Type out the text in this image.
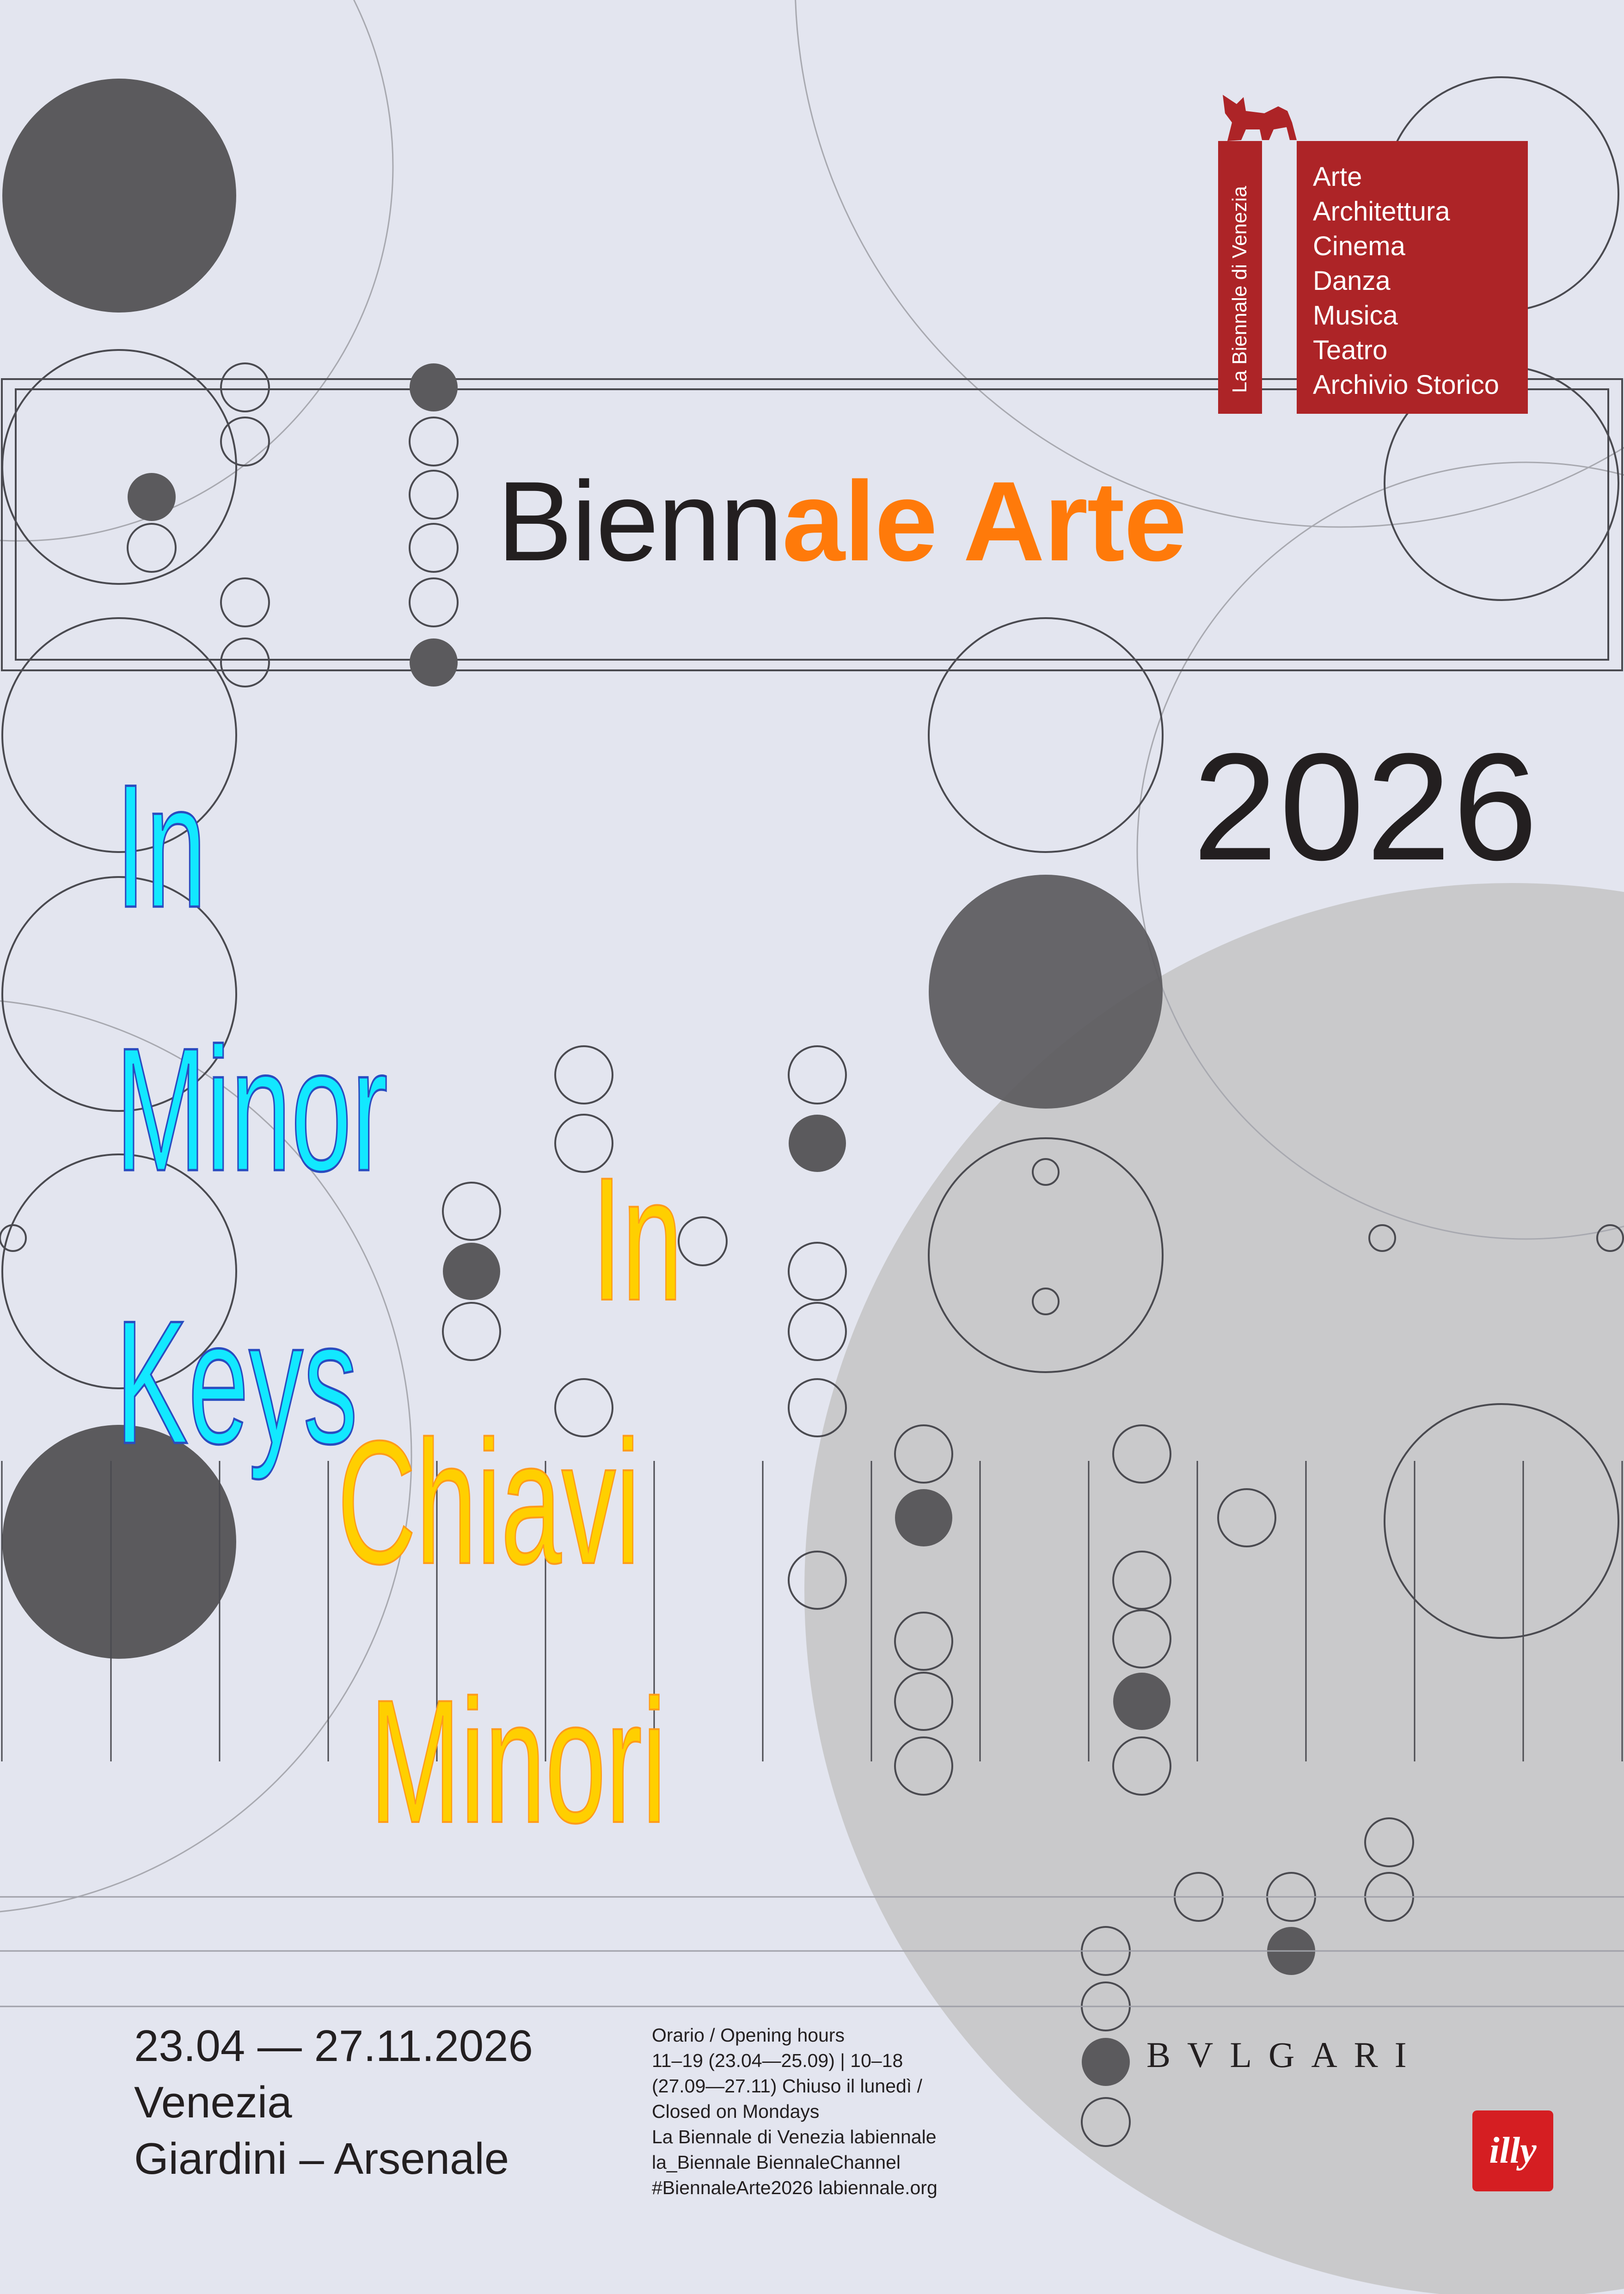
Biennale Arte
2026
In
Minor
Keys
In
Chiavi
Minori
La Biennale di Venezia
Arte
Architettura
Cinema
Danza
Musica
Teatro
Archivio Storico
23.04 — 27.11.2026
Venezia
Giardini – Arsenale
Orario / Opening hours
11–19 (23.04—25.09) | 10–18
(27.09—27.11) Chiuso il lunedì /
Closed on Mondays
La Biennale di Venezia labiennale
la_Biennale BiennaleChannel
#BiennaleArte2026 labiennale.org
BVLGARI
illy
